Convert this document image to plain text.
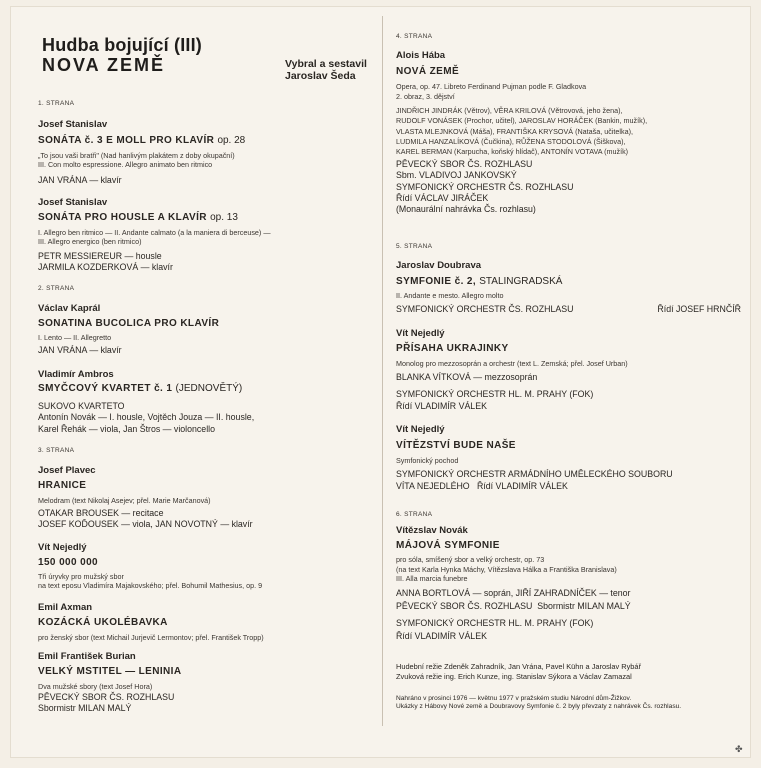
Hudba bojující (III)
NOVA ZEMĚ
1. STRANA
Josef Stanislav
SONÁTA č. 3 E MOLL PRO KLAVÍR op. 28
„To jsou vaši bratři" (Nad hanlivým plakátem z doby okupační)
III. Con molto espressione. Allegro animato ben ritmico
JAN VRÁNA — klavír
Josef Stanislav
SONÁTA PRO HOUSLE A KLAVÍR op. 13
I. Allegro ben ritmico — II. Andante calmato (a la maniera di berceuse) —
III. Allegro energico (ben ritmico)
PETR MESSIEREUR — housle
JARMILA KOZDERKOVÁ — klavír
2. STRANA
Václav Kaprál
SONATINA BUCOLICA PRO KLAVÍR
I. Lento — II. Allegretto
JAN VRÁNA — klavír
Vladimír Ambros
SMYČCOVÝ KVARTET č. 1 (JEDNOVĚTÝ)
SUKOVO KVARTETO
Antonín Novák — I. housle, Vojtěch Jouza — II. housle,
Karel Řehák — viola, Jan Štros — violoncello
3. STRANA
Josef Plavec
HRANICE
Melodram (text Nikolaj Asejev; přel. Marie Marčanová)
OTAKAR BROUSEK — recitace
JOSEF KOĎOUSEK — viola, JAN NOVOTNÝ — klavír
Vít Nejedlý
150 000 000
Tři úryvky pro mužský sbor
na text eposu Vladimíra Majakovského; přel. Bohumil Mathesius, op. 9
Emil Axman
KOZÁCKÁ UKOLÉBAVKA
pro ženský sbor (text Michail Jurjevič Lermontov; přel. František Tropp)
Emil František Burian
VELKÝ MSTITEL — LENINIA
Dva mužské sbory (text Josef Hora)
PĚVECKÝ SBOR ČS. ROZHLASU
Sbormistr MILAN MALÝ
Vybral a sestavil
Jaroslav Šeda
4. STRANA
Alois Hába
NOVÁ ZEMĚ
Opera, op. 47. Libreto Ferdinand Pujman podle F. Gladkova
2. obraz, 3. dějství
JINDŘICH JINDRÁK (Větrov), VĚRA KRILOVÁ (Větrovová, jeho žena),
RUDOLF VONÁSEK (Prochor, učitel), JAROSLAV HORÁČEK (Bankin, mužík),
VLASTA MLEJNKOVÁ (Máša), FRANTIŠKA KRYSOVÁ (Nataša, učitelka),
LUDMILA HANZALÍKOVÁ (Čučkina), RŮŽENA STODOLOVÁ (Šiškova),
KAREL BERMAN (Karpucha, koňský hlídač), ANTONÍN VOTAVA (mužík)
PĚVECKÝ SBOR ČS. ROZHLASU
Sbm. VLADIVOJ JANKOVSKÝ
SYMFONICKÝ ORCHESTR ČS. ROZHLASU
Řídí VÁCLAV JIRÁČEK
(Monaurální nahrávka Čs. rozhlasu)
5. STRANA
Jaroslav Doubrava
SYMFONIE č. 2, STALINGRADSKÁ
II. Andante e mesto. Allegro molto
SYMFONICKÝ ORCHESTR ČS. ROZHLASU	Řídí JOSEF HRNČÍŘ
Vít Nejedlý
PŘÍSAHA UKRAJINKY
Monolog pro mezzosoprán a orchestr (text L. Zemská; přel. Josef Urban)
BLANKA VÍTKOVÁ — mezzosoprán
SYMFONICKÝ ORCHESTR HL. M. PRAHY (FOK)
Řídí VLADIMÍR VÁLEK
Vít Nejedlý
VÍTĚZSTVÍ BUDE NAŠE
Symfonický pochod
SYMFONICKÝ ORCHESTR ARMÁDNÍHO UMĚLECKÉHO SOUBORU
VÍTA NEJEDLÉHO   Řídí VLADIMÍR VÁLEK
6. STRANA
Vítězslav Novák
MÁJOVÁ SYMFONIE
pro sóla, smíšený sbor a velký orchestr, op. 73
(na text Karla Hynka Máchy, Vítězslava Hálka a Františka Branislava)
III. Alla marcia funebre
ANNA BORTLOVÁ — soprán, JIŘÍ ZAHRADNÍČEK — tenor
PĚVECKÝ SBOR ČS. ROZHLASU  Sbormistr MILAN MALÝ
SYMFONICKÝ ORCHESTR HL. M. PRAHY (FOK)
Řídí VLADIMÍR VÁLEK
Hudební režie Zdeněk Zahradník, Jan Vrána, Pavel Kühn a Jaroslav Rybář
Zvuková režie ing. Erich Kunze, ing. Stanislav Sýkora a Václav Zamazal
Nahráno v prosinci 1976 — květnu 1977 v pražském studiu Národní dům-Žižkov.
Ukázky z Hábovy Nové země a Doubravovy Symfonie č. 2 byly převzaty z nahrávek Čs. rozhlasu.
✤
